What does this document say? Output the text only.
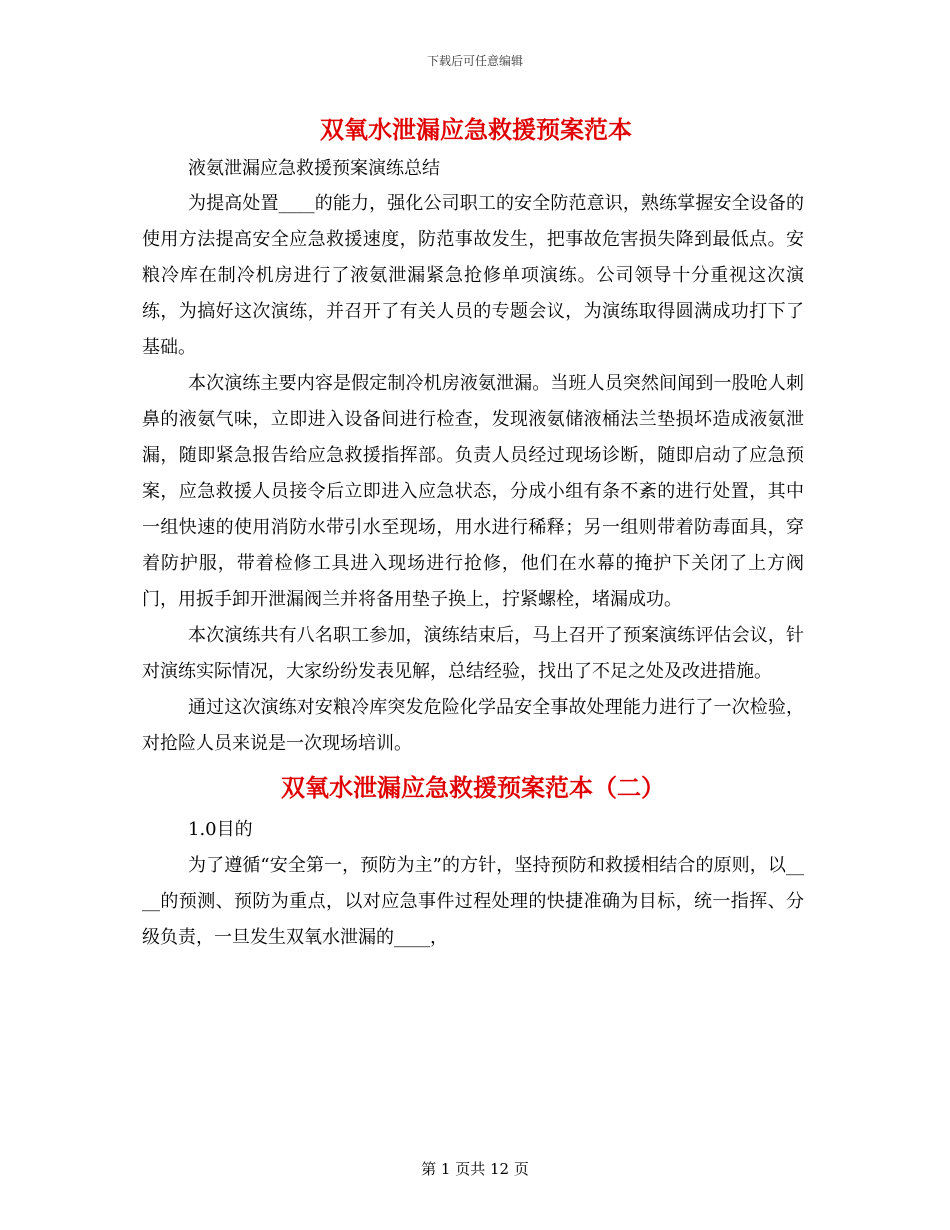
下载后可任意编辑
双氧水泄漏应急救援预案范本

液氨泄漏应急救援预案演练总结

为提高处置____的能力，强化公司职工的安全防范意识，熟练掌握安全设备的使用方法提高安全应急救援速度，防范事故发生，把事故危害损失降到最低点。安粮冷库在制冷机房进行了液氨泄漏紧急抢修单项演练。公司领导十分重视这次演练，为搞好这次演练，并召开了有关人员的专题会议，为演练取得圆满成功打下了基础。

本次演练主要内容是假定制冷机房液氨泄漏。当班人员突然间闻到一股呛人刺鼻的液氨气味，立即进入设备间进行检查，发现液氨储液桶法兰垫损坏造成液氨泄漏，随即紧急报告给应急救援指挥部。负责人员经过现场诊断，随即启动了应急预案，应急救援人员接令后立即进入应急状态，分成小组有条不紊的进行处置，其中一组快速的使用消防水带引水至现场，用水进行稀释；另一组则带着防毒面具，穿着防护服，带着检修工具进入现场进行抢修，他们在水幕的掩护下关闭了上方阀门，用扳手卸开泄漏阀兰并将备用垫子换上，拧紧螺栓，堵漏成功。

本次演练共有八名职工参加，演练结束后，马上召开了预案演练评估会议，针对演练实际情况，大家纷纷发表见解，总结经验，找出了不足之处及改进措施。

通过这次演练对安粮冷库突发危险化学品安全事故处理能力进行了一次检验，对抢险人员来说是一次现场培训。

双氧水泄漏应急救援预案范本（二）

1.0目的

为了遵循“安全第一，预防为主”的方针，坚持预防和救援相结合的原则，以____的预测、预防为重点，以对应急事件过程处理的快捷准确为目标，统一指挥、分级负责，一旦发生双氧水泄漏的____，

第 1 页共 12 页
